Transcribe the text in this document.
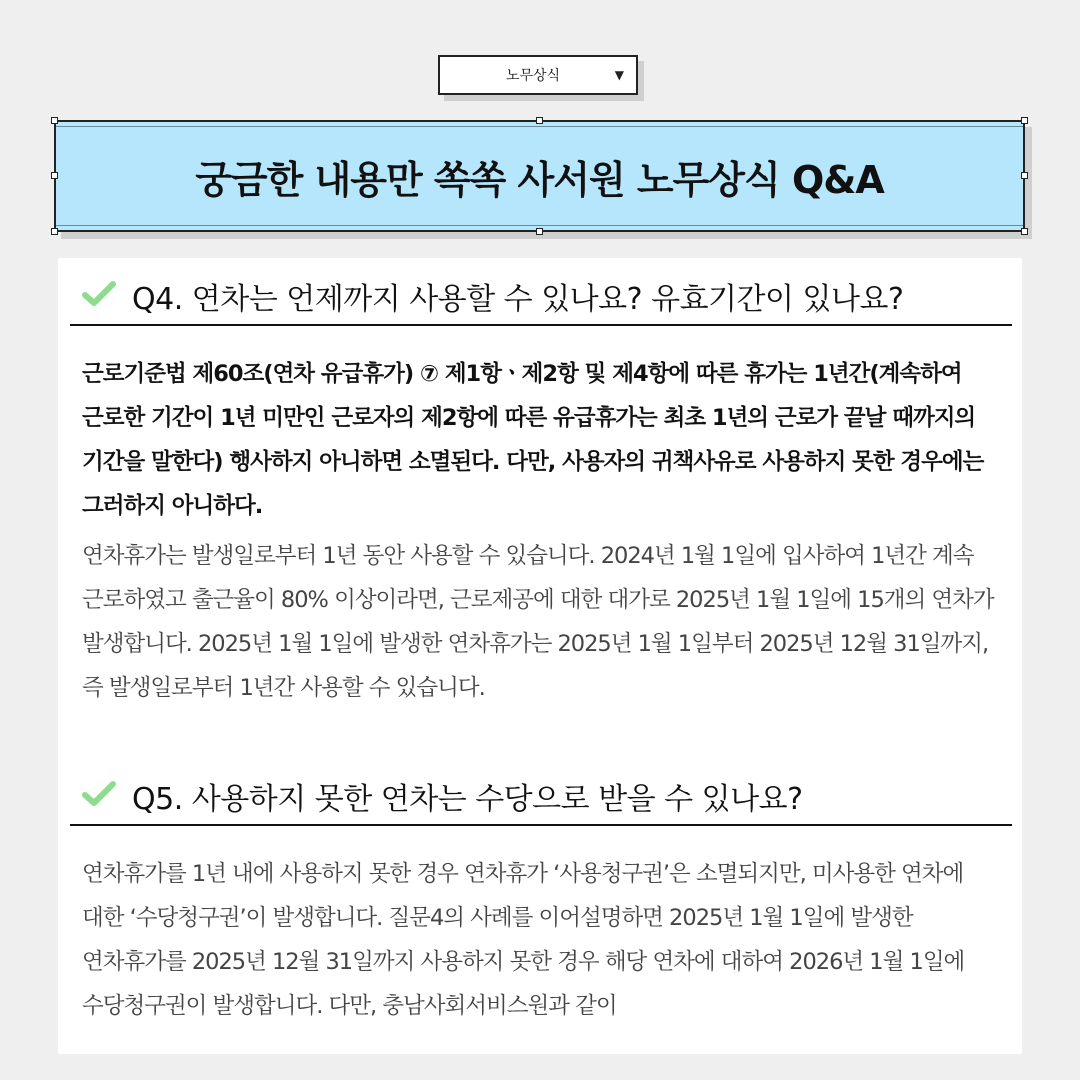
노무상식	▼
궁금한 내용만 쏙쏙 사서원 노무상식 Q&A
Q4. 연차는 언제까지 사용할 수 있나요? 유효기간이 있나요?

근로기준법 제60조(연차 유급휴가) ⑦ 제1항ㆍ제2항 및 제4항에 따른 휴가는 1년간(계속하여 근로한 기간이 1년 미만인 근로자의 제2항에 따른 유급휴가는 최초 1년의 근로가 끝날 때까지의 기간을 말한다) 행사하지 아니하면 소멸된다. 다만, 사용자의 귀책사유로 사용하지 못한 경우에는 그러하지 아니하다.

연차휴가는 발생일로부터 1년 동안 사용할 수 있습니다. 2024년 1월 1일에 입사하여 1년간 계속 근로하였고 출근율이 80% 이상이라면, 근로제공에 대한 대가로 2025년 1월 1일에 15개의 연차가 발생합니다. 2025년 1월 1일에 발생한 연차휴가는 2025년 1월 1일부터 2025년 12월 31일까지, 즉 발생일로부터 1년간 사용할 수 있습니다.

Q5. 사용하지 못한 연차는 수당으로 받을 수 있나요?

연차휴가를 1년 내에 사용하지 못한 경우 연차휴가 ‘사용청구권’은 소멸되지만, 미사용한 연차에 대한 ‘수당청구권’이 발생합니다. 질문4의 사례를 이어설명하면 2025년 1월 1일에 발생한 연차휴가를 2025년 12월 31일까지 사용하지 못한 경우 해당 연차에 대하여 2026년 1월 1일에 수당청구권이 발생합니다. 다만, 충남사회서비스원과 같이
